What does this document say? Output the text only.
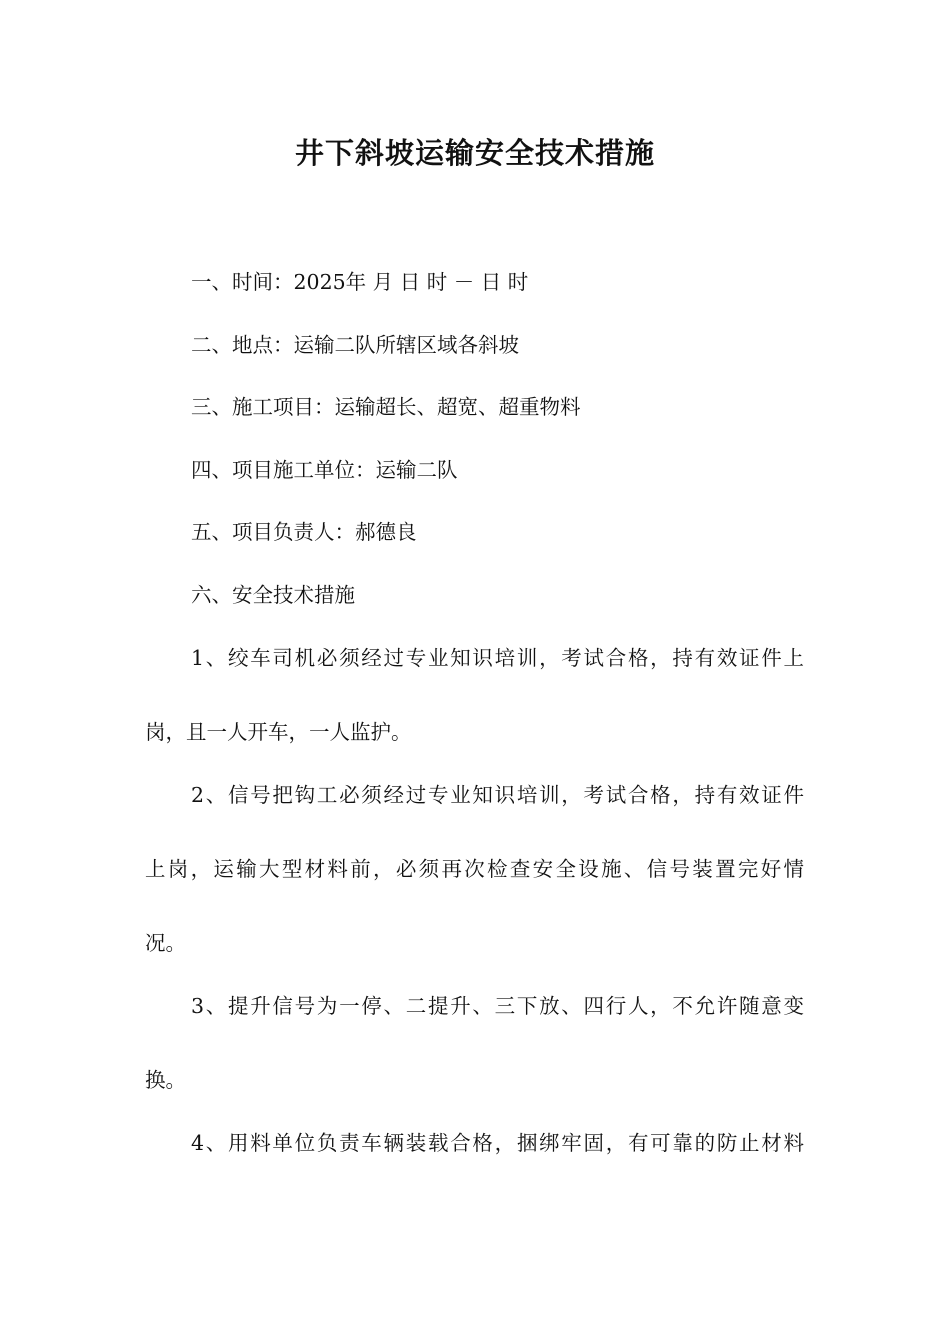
井下斜坡运输安全技术措施
一、时间：2025年 月 日 时 － 日 时
二、地点：运输二队所辖区域各斜坡
三、施工项目：运输超长、超宽、超重物料
四、项目施工单位：运输二队
五、项目负责人：郝德良
六、安全技术措施
1、绞车司机必须经过专业知识培训，考试合格，持有效证件上
岗，且一人开车，一人监护。
2、信号把钩工必须经过专业知识培训，考试合格，持有效证件
上岗，运输大型材料前，必须再次检查安全设施、信号装置完好情
况。
3、提升信号为一停、二提升、三下放、四行人，不允许随意变
换。
4、用料单位负责车辆装载合格，捆绑牢固，有可靠的防止材料
